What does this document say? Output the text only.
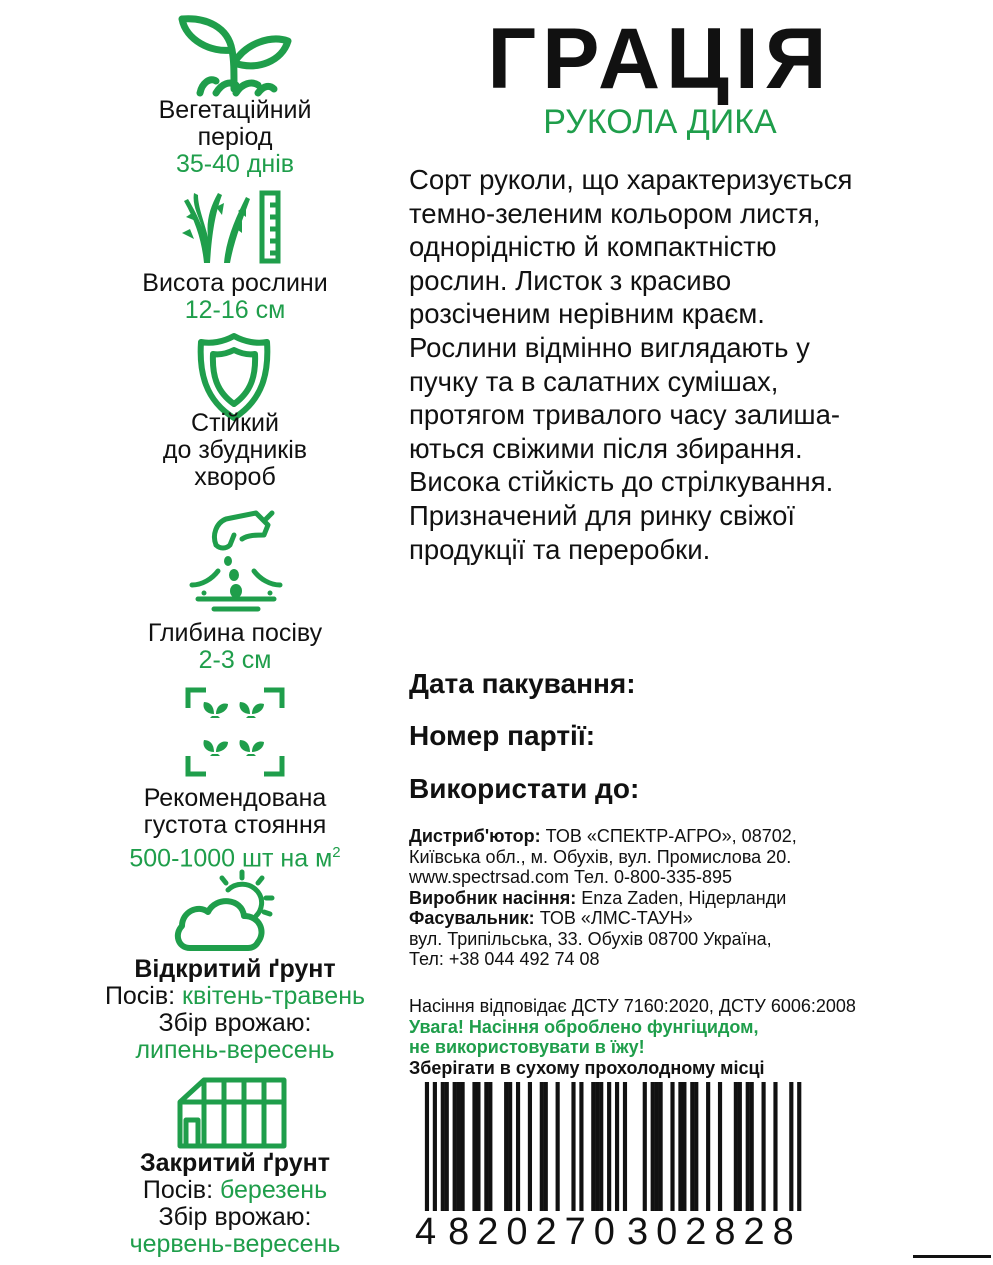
Вегетаційний
період
35-40 днів
Висота рослини
12-16 см
Стійкий
до збудників
хвороб
Глибина посіву
2-3 см
Рекомендована
густота стояння
500-1000 шт на $м^2$
Відкритий ґрунт
Посів: квітень-травень
Збір врожаю:
липень-вересень
Закритий ґрунт
Посів: березень
Збір врожаю:
червень-вересень
ГРАЦІЯ
РУКОЛА ДИКА
Сорт руколи, що характеризується
темно-зеленим кольором листя,
однорідністю й компактністю
рослин. Листок з красиво
розсіченим нерівним краєм.
Рослини відмінно виглядають у
пучку та в салатних сумішах,
протягом тривалого часу залиша-
ються свіжими після збирання.
Висока стійкість до стрілкування.
Призначений для ринку свіжої
продукції та переробки.
Дата пакування:
Номер партії:
Використати до:
Дистриб'ютор: ТОВ «СПЕКТР-АГРО», 08702,
Київська обл., м. Обухів, вул. Промислова 20.
www.spectrsad.com Тел. 0-800-335-895
Виробник насіння: Enza Zaden, Нідерланди
Фасувальник: ТОВ «ЛМС-ТАУН»
вул. Трипільська, 33. Обухів 08700 Україна,
Тел: +38 044 492 74 08
Насіння відповідає ДСТУ 7160:2020, ДСТУ 6006:2008
Увага! Насіння оброблено фунгіцидом,
не використовувати в їжу!
Зберігати в сухому прохолодному місці
4 820270 302828
